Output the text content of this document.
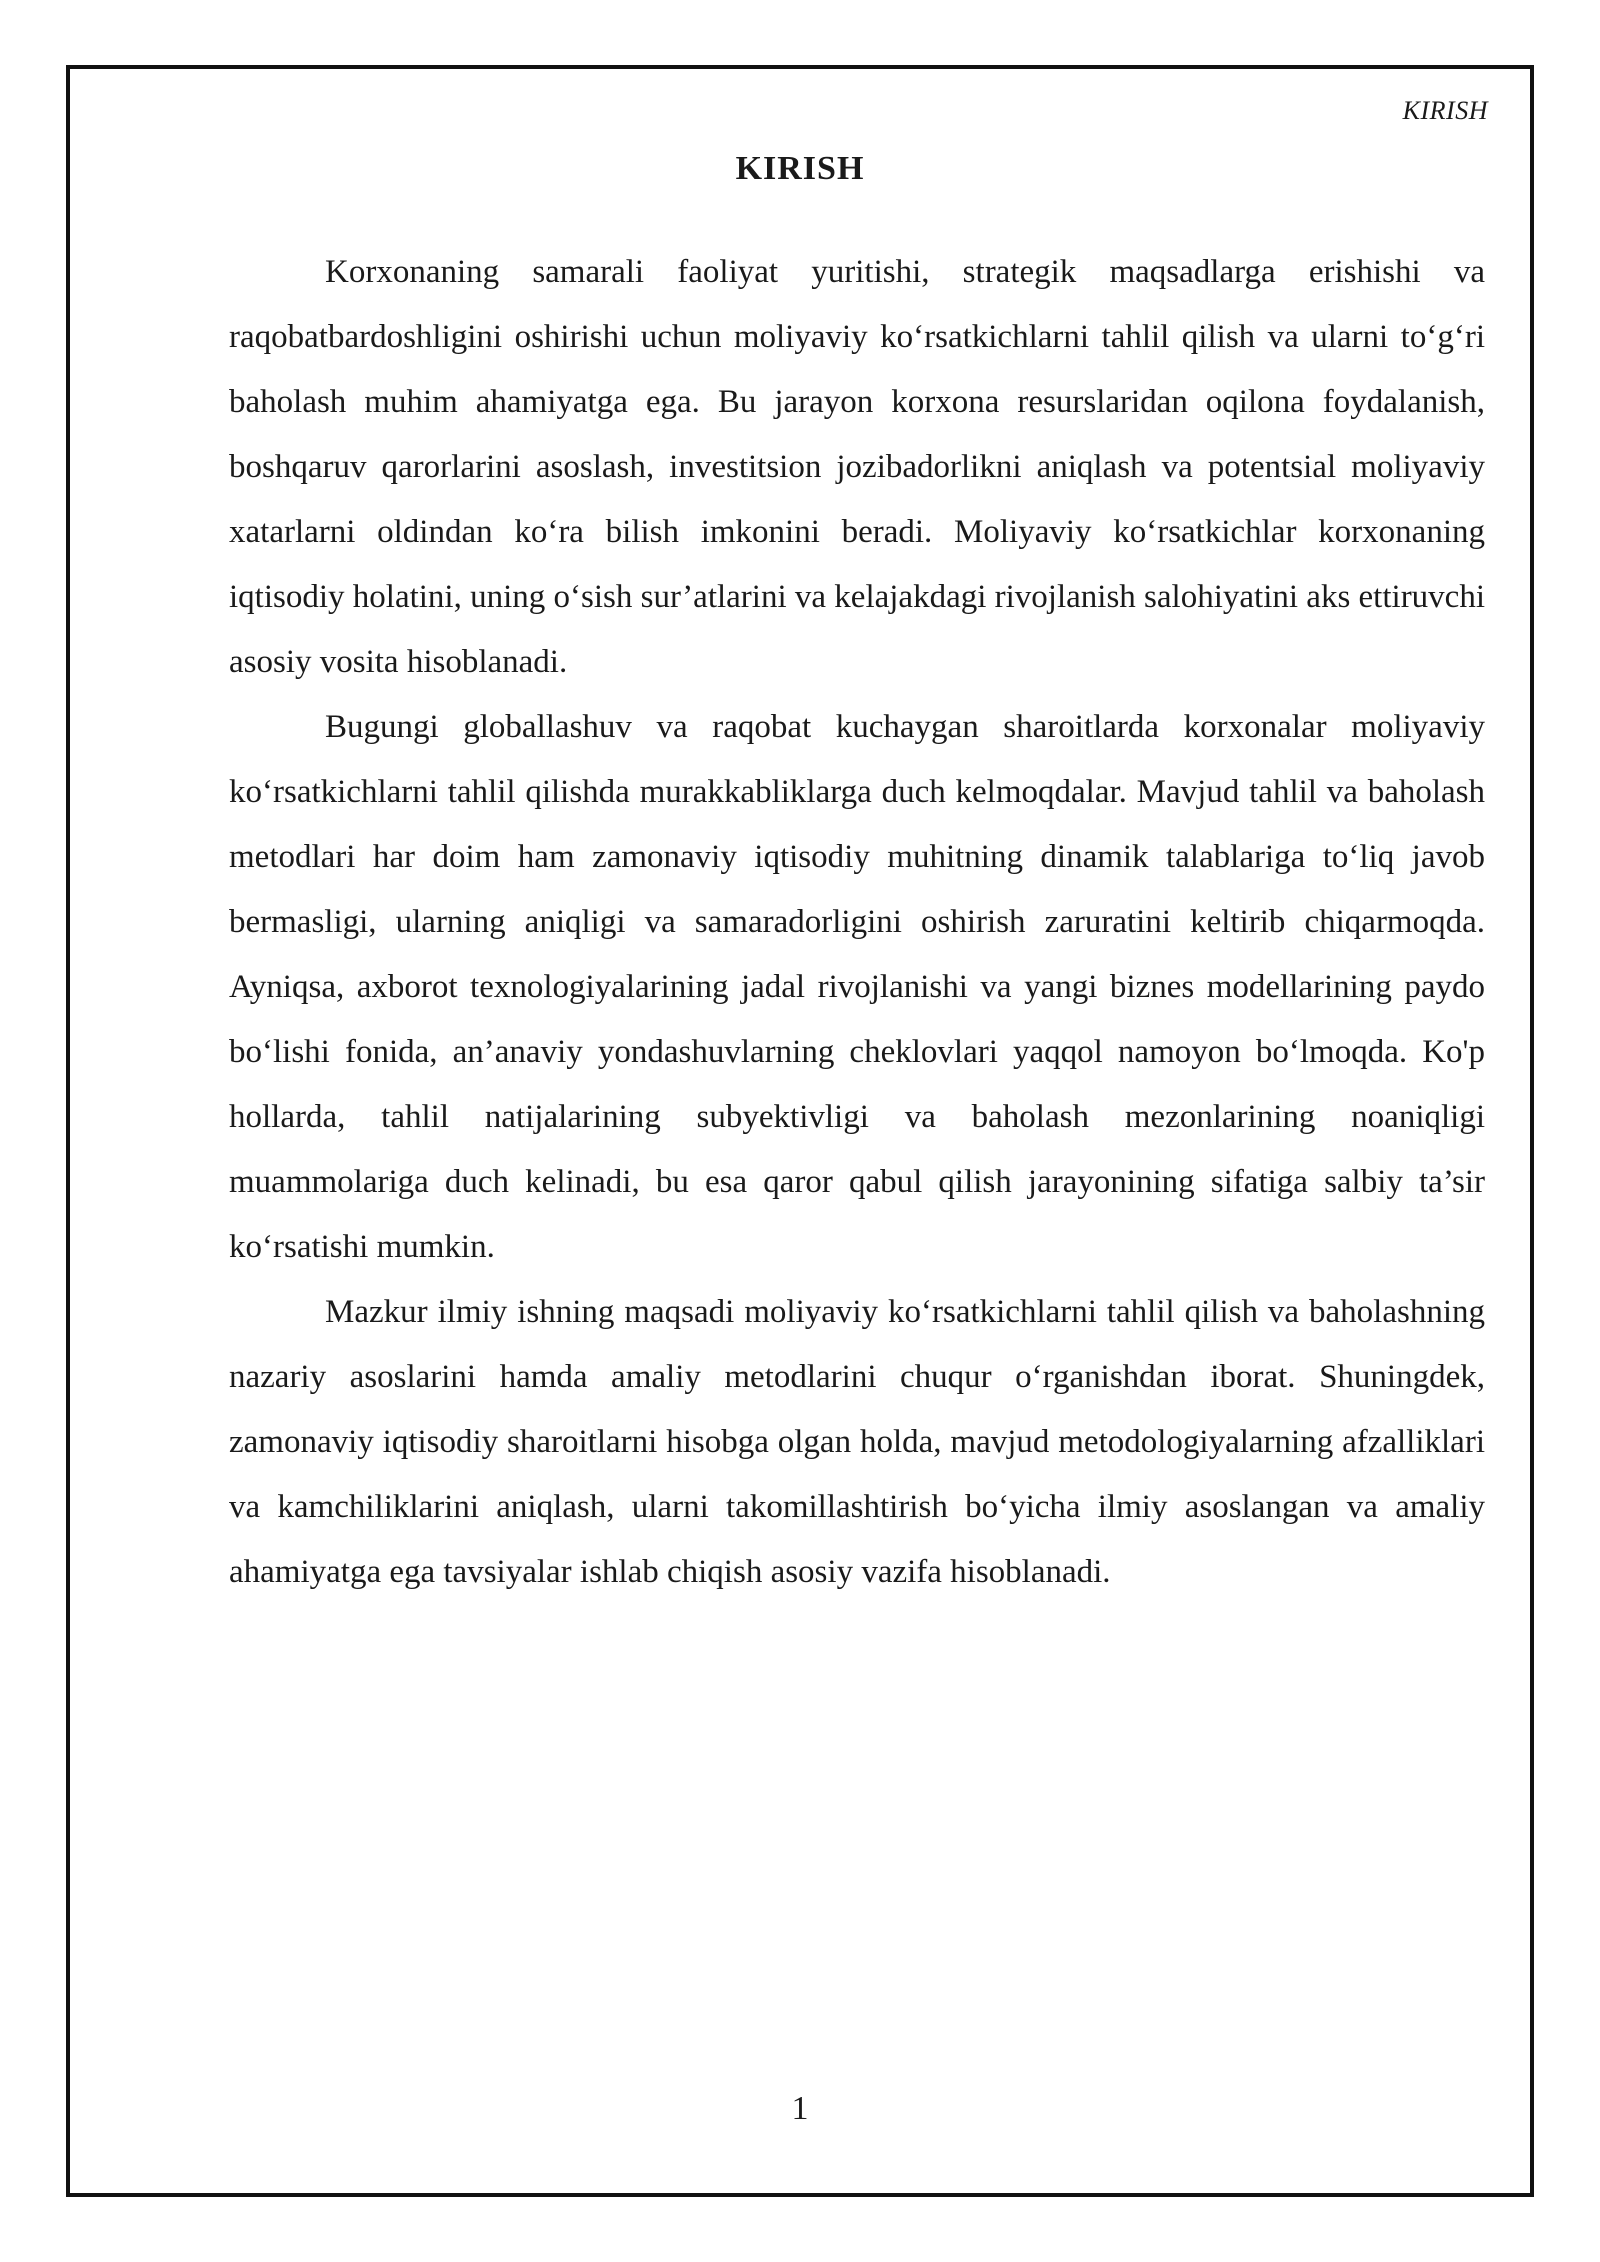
KIRISH
KIRISH

Korxonaning samarali faoliyat yuritishi, strategik maqsadlarga erishishi va raqobatbardoshligini oshirishi uchun moliyaviy ko‘rsatkichlarni tahlil qilish va ularni to‘g‘ri baholash muhim ahamiyatga ega. Bu jarayon korxona resurslaridan oqilona foydalanish, boshqaruv qarorlarini asoslash, investitsion jozibadorlikni aniqlash va potentsial moliyaviy xatarlarni oldindan ko‘ra bilish imkonini beradi. Moliyaviy ko‘rsatkichlar korxonaning iqtisodiy holatini, uning o‘sish sur’atlarini va kelajakdagi rivojlanish salohiyatini aks ettiruvchi asosiy vosita hisoblanadi.

Bugungi globallashuv va raqobat kuchaygan sharoitlarda korxonalar moliyaviy ko‘rsatkichlarni tahlil qilishda murakkabliklarga duch kelmoqdalar. Mavjud tahlil va baholash metodlari har doim ham zamonaviy iqtisodiy muhitning dinamik talablariga to‘liq javob bermasligi, ularning aniqligi va samaradorligini oshirish zaruratini keltirib chiqarmoqda. Ayniqsa, axborot texnologiyalarining jadal rivojlanishi va yangi biznes modellarining paydo bo‘lishi fonida, an’anaviy yondashuvlarning cheklovlari yaqqol namoyon bo‘lmoqda. Ko'p hollarda, tahlil natijalarining subyektivligi va baholash mezonlarining noaniqligi muammolariga duch kelinadi, bu esa qaror qabul qilish jarayonining sifatiga salbiy ta’sir ko‘rsatishi mumkin.

Mazkur ilmiy ishning maqsadi moliyaviy ko‘rsatkichlarni tahlil qilish va baholashning nazariy asoslarini hamda amaliy metodlarini chuqur o‘rganishdan iborat. Shuningdek, zamonaviy iqtisodiy sharoitlarni hisobga olgan holda, mavjud metodologiyalarning afzalliklari va kamchiliklarini aniqlash, ularni takomillashtirish bo‘yicha ilmiy asoslangan va amaliy ahamiyatga ega tavsiyalar ishlab chiqish asosiy vazifa hisoblanadi.

1
